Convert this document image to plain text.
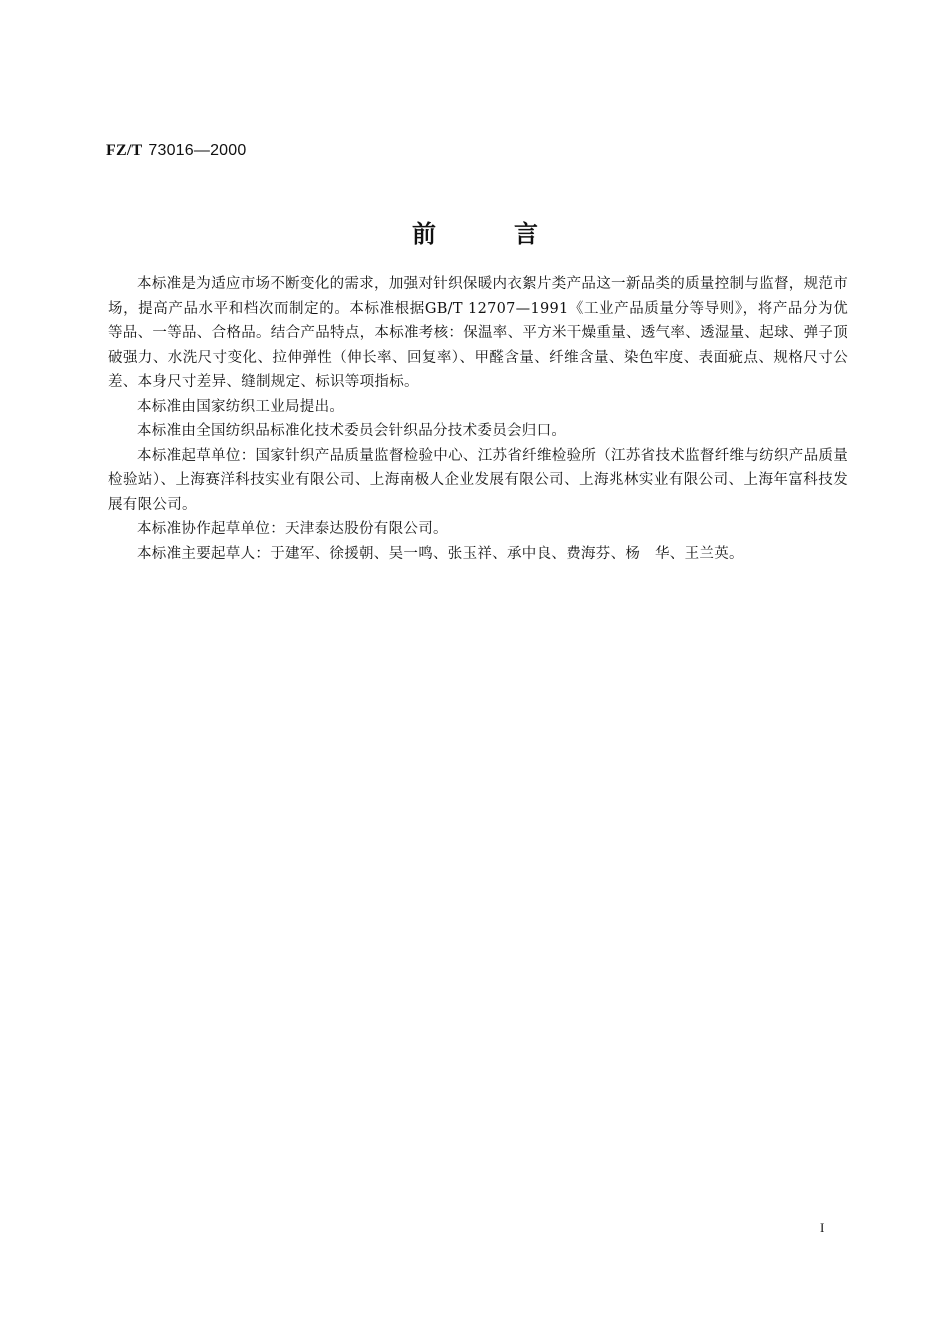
FZ/T 73016—2000
前言

本标准是为适应市场不断变化的需求，加强对针织保暖内衣絮片类产品这一新品类的质量控制与监督，规范市场，提高产品水平和档次而制定的。本标准根据GB/T 12707—1991《工业产品质量分等导则》，将产品分为优等品、一等品、合格品。结合产品特点，本标准考核：保温率、平方米干燥重量、透气率、透湿量、起球、弹子顶破强力、水洗尺寸变化、拉伸弹性（伸长率、回复率）、甲醛含量、纤维含量、染色牢度、表面疵点、规格尺寸公差、本身尺寸差异、缝制规定、标识等项指标。

本标准由国家纺织工业局提出。

本标准由全国纺织品标准化技术委员会针织品分技术委员会归口。

本标准起草单位：国家针织产品质量监督检验中心、江苏省纤维检验所（江苏省技术监督纤维与纺织产品质量检验站）、上海赛洋科技实业有限公司、上海南极人企业发展有限公司、上海兆林实业有限公司、上海年富科技发展有限公司。

本标准协作起草单位：天津泰达股份有限公司。

本标准主要起草人：于建军、徐援朝、吴一鸣、张玉祥、承中良、费海芬、杨　华、王兰英。

I
